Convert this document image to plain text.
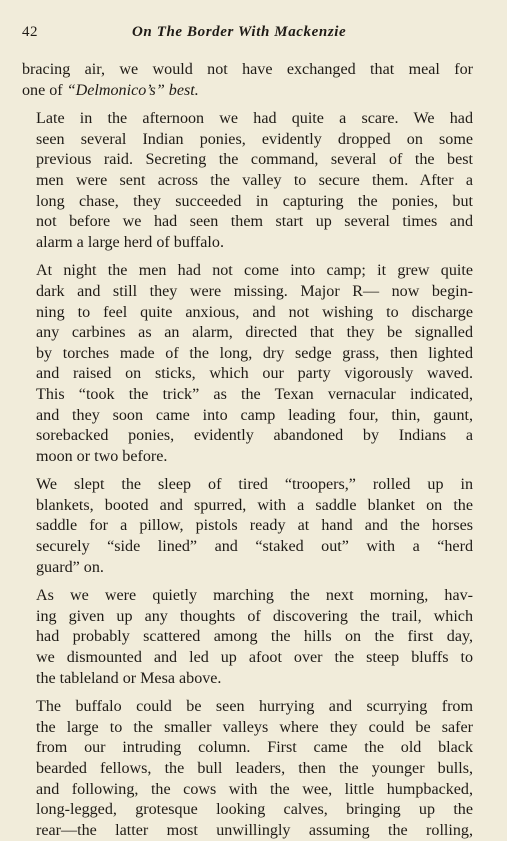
42	On The Border With Mackenzie

bracing air, we would not have exchanged that meal for
one of “Delmonico’s” best.

Late in the afternoon we had quite a scare. We had
seen several Indian ponies, evidently dropped on some
previous raid. Secreting the command, several of the best
men were sent across the valley to secure them. After a
long chase, they succeeded in capturing the ponies, but
not before we had seen them start up several times and
alarm a large herd of buffalo.

At night the men had not come into camp; it grew quite
dark and still they were missing. Major R— now begin-
ning to feel quite anxious, and not wishing to discharge
any carbines as an alarm, directed that they be signalled
by torches made of the long, dry sedge grass, then lighted
and raised on sticks, which our party vigorously waved.
This “took the trick” as the Texan vernacular indicated,
and they soon came into camp leading four, thin, gaunt,
sorebacked ponies, evidently abandoned by Indians a
moon or two before.

We slept the sleep of tired “troopers,” rolled up in
blankets, booted and spurred, with a saddle blanket on the
saddle for a pillow, pistols ready at hand and the horses
securely “side lined” and “staked out” with a “herd
guard” on.

As we were quietly marching the next morning, hav-
ing given up any thoughts of discovering the trail, which
had probably scattered among the hills on the first day,
we dismounted and led up afoot over the steep bluffs to
the tableland or Mesa above.

The buffalo could be seen hurrying and scurrying from
the large to the smaller valleys where they could be safer
from our intruding column. First came the old black
bearded fellows, the bull leaders, then the younger bulls,
and following, the cows with the wee, little humpbacked,
long-legged, grotesque looking calves, bringing up the
rear—the latter most unwillingly assuming the rolling,
